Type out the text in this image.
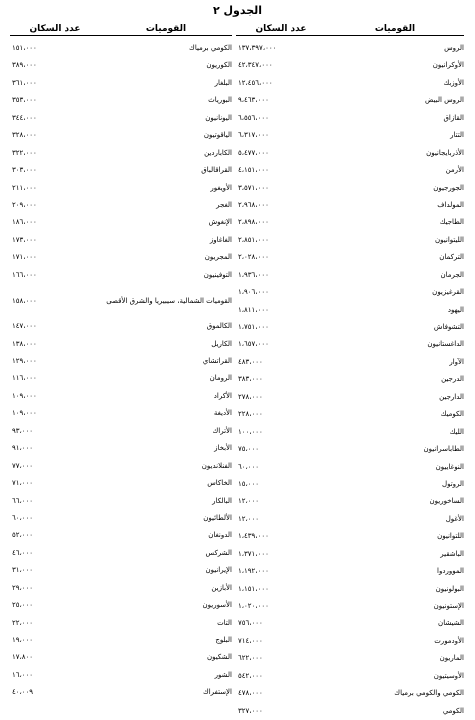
الجدول ٢
القوميات
عدد السكان
الروس
١٣٧،٣٩٧،٠٠٠
الأوكرانيون
٤٢،٣٤٧،٠٠٠
الأوزبك
١٢،٤٥٦،٠٠٠
الروس البيض
٩،٤٦٣،٠٠٠
القازاق
٦،٥٥٦،٠٠٠
التتار
٦،٣١٧،٠٠٠
الأذربايجانيون
٥،٤٧٧،٠٠٠
الأرمن
٤،١٥١،٠٠٠
الجورجيون
٣،٥٧١،٠٠٠
المولداف
٢،٩٦٨،٠٠٠
الطاجيك
٢،٨٩٨،٠٠٠
الليتوانيون
٢،٨٥١،٠٠٠
التركمان
٢،٠٢٨،٠٠٠
الجرمان
١،٩٣٦،٠٠٠
القرغيزيون
١،٩٠٦،٠٠٠
اليهود
١،٨١١،٠٠٠
التشوفاش
١،٧٥١،٠٠٠
الداغستانيون
١،٦٥٧،٠٠٠
الآوار
٤٨٣،٠٠٠
الدرجين
٣٨٣،٠٠٠
الدارجين
٢٧٨،٠٠٠
الكوميك
٢٢٨،٠٠٠
الليك
١٠٠،٠٠٠
الطاباسرانيون
٧٥،٠٠٠
النوغاييون
٦٠،٠٠٠
الروتول
١٥،٠٠٠
الساخوريون
١٢،٠٠٠
الأغول
١٢،٠٠٠
اللتوانيون
١،٤٣٩،٠٠٠
الباشقير
١،٣٧١،٠٠٠
المووردوا
١،١٩٢،٠٠٠
البولونيون
١،١٥١،٠٠٠
الإستونيون
١،٠٢٠،٠٠٠
الشيشان
٧٥٦،٠٠٠
الأودمورت
٧١٤،٠٠٠
الماريون
٦٢٢،٠٠٠
الأوسيتيون
٥٤٢،٠٠٠
الكومي والكومي برمياك
٤٧٨،٠٠٠
الكومي
٣٢٧،٠٠٠
القوميات
عدد السكان
الكومي برمياك
١٥١،٠٠٠
الكوريون
٣٨٩،٠٠٠
البلغار
٣٦١،٠٠٠
البورياث
٣٥٣،٠٠٠
اليونانيون
٣٤٤،٠٠٠
الياقوتيون
٣٢٨،٠٠٠
الكاباردين
٣٢٢،٠٠٠
القراقالباق
٣٠٣،٠٠٠
الأويغور
٢١١،٠٠٠
الغجر
٢٠٩،٠٠٠
الإنغوش
١٨٦،٠٠٠
الغاغاوز
١٧٣،٠٠٠
المجريون
١٧١،٠٠٠
التوفينيون
١٦٦،٠٠٠
القوميات الشمالية، سيبيريا والشرق الأقصى
١٥٨،٠٠٠
الكالموق
١٤٧،٠٠٠
الكاريل
١٣٨،٠٠٠
القراتشاي
١٢٩،٠٠٠
الرومان
١١٦،٠٠٠
الأكراد
١٠٩،٠٠٠
الأديغة
١٠٩،٠٠٠
الأتراك
٩٣،٠٠٠
الأبخاز
٩١،٠٠٠
الفنلانديون
٧٧،٠٠٠
الخاكاس
٧١،٠٠٠
البالكار
٦٦،٠٠٠
الألطائيون
٦٠،٠٠٠
الدونغان
٥٢،٠٠٠
الشركس
٤٦،٠٠٠
الإيرانيون
٣١،٠٠٠
الأبازين
٢٩،٠٠٠
الأسوريون
٢٥،٠٠٠
التات
٢٢،٠٠٠
البلوج
١٩،٠٠٠
الشكيون
١٧،٨٠٠
الشور
١٦،٠٠٠
الإستفراك
٤٠،٠٠٩
